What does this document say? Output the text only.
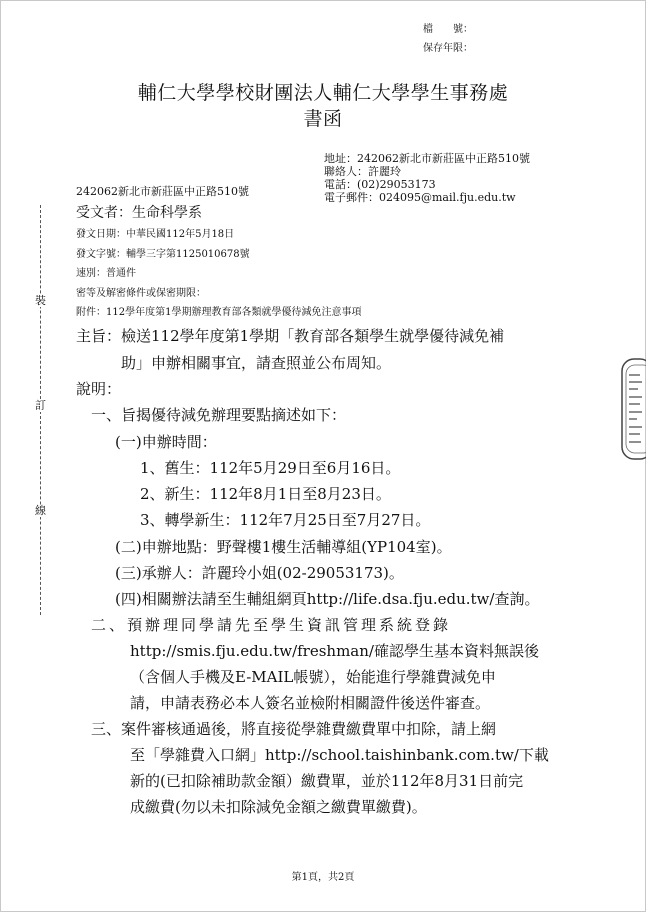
檔　　號：
保存年限：
輔仁大學學校財團法人輔仁大學學生事務處
書函
地址：242062新北市新莊區中正路510號
聯絡人：許麗玲
電話：(02)29053173
電子郵件：024095@mail.fju.edu.tw
242062新北市新莊區中正路510號
受文者：生命科學系
發文日期：中華民國112年5月18日
發文字號：輔學三字第1125010678號
速別：普通件
密等及解密條件或保密期限：
附件：112學年度第1學期辦理教育部各類就學優待減免注意事項
主旨：檢送112學年度第1學期「教育部各類學生就學優待減免補
助」申辦相關事宜，請查照並公布周知。
說明：
一、旨揭優待減免辦理要點摘述如下：
(一)申辦時間：
1、舊生：112年5月29日至6月16日。
2、新生：112年8月1日至8月23日。
3、轉學新生：112年7月25日至7月27日。
(二)申辦地點：野聲樓1樓生活輔導組(YP104室)。
(三)承辦人：許麗玲小姐(02-29053173)。
(四)相關辦法請至生輔組網頁http://life.dsa.fju.edu.tw/查詢。
二、預辦理同學請先至學生資訊管理系統登錄
http://smis.fju.edu.tw/freshman/確認學生基本資料無誤後
（含個人手機及E-MAIL帳號），始能進行學雜費減免申
請，申請表務必本人簽名並檢附相關證件後送件審查。
三、案件審核通過後，將直接從學雜費繳費單中扣除，請上網
至「學雜費入口網」http://school.taishinbank.com.tw/下載
新的(已扣除補助款金額）繳費單，並於112年8月31日前完
成繳費(勿以未扣除減免金額之繳費單繳費)。
裝
訂
線
第1頁，共2頁
